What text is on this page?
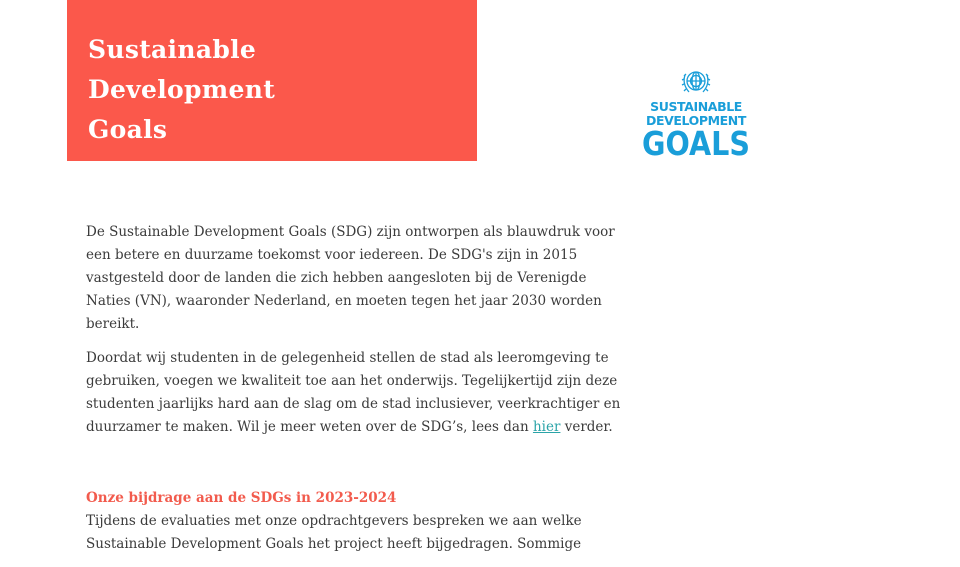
Sustainable
Development
Goals
SUSTAINABLE
DEVELOPMENT
GOALS

De Sustainable Development Goals (SDG) zijn ontworpen als blauwdruk voor een betere en duurzame toekomst voor iedereen. De SDG's zijn in 2015 vastgesteld door de landen die zich hebben aangesloten bij de Verenigde Naties (VN), waaronder Nederland, en moeten tegen het jaar 2030 worden bereikt.

Doordat wij studenten in de gelegenheid stellen de stad als leeromgeving te gebruiken, voegen we kwaliteit toe aan het onderwijs. Tegelijkertijd zijn deze studenten jaarlijks hard aan de slag om de stad inclusiever, veerkrachtiger en duurzamer te maken. Wil je meer weten over de SDG’s, lees dan hier verder.

Onze bijdrage aan de SDGs in 2023-2024

Tijdens de evaluaties met onze opdrachtgevers bespreken we aan welke Sustainable Development Goals het project heeft bijgedragen. Sommige
